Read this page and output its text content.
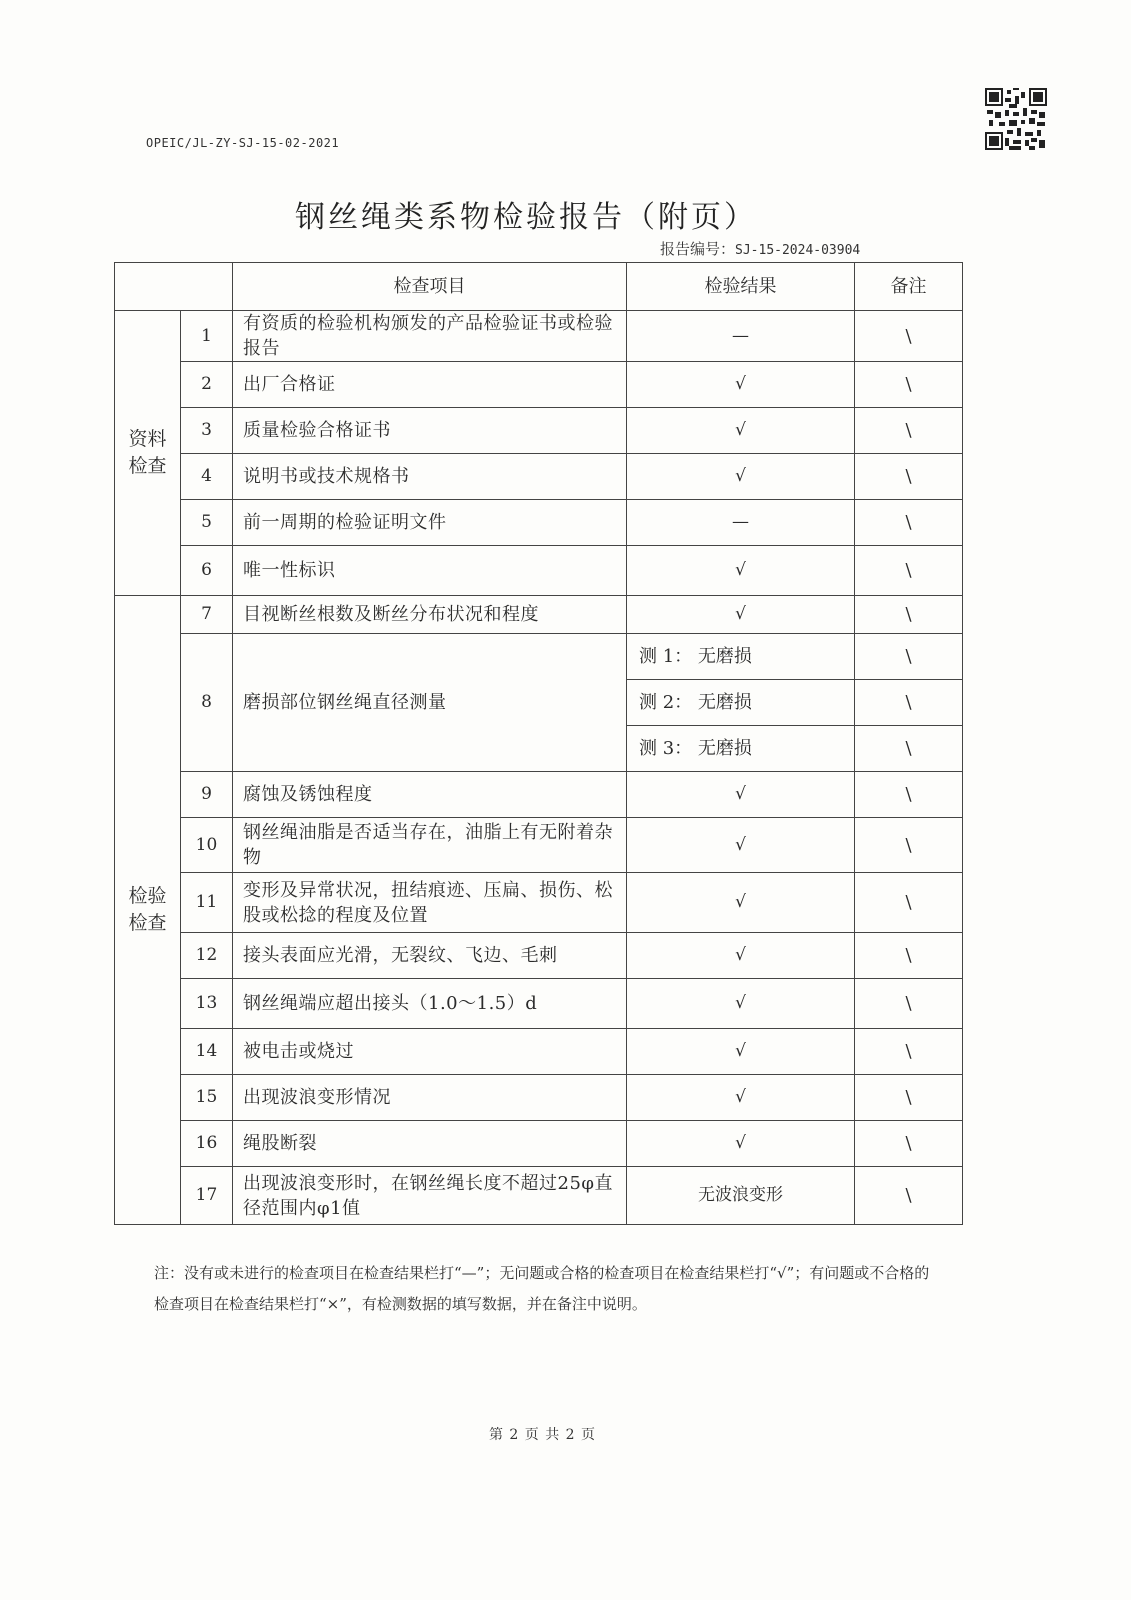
OPEIC/JL-ZY-SJ-15-02-2021
钢丝绳类系物检验报告（附页）
报告编号：SJ-15-2024-03904
		检查项目	检验结果	备注

资料
检查	1	有资质的检验机构颁发的产品检验证书或检验报告	—	\
	2	出厂合格证	√	\
	3	质量检验合格证书	√	\
	4	说明书或技术规格书	√	\
	5	前一周期的检验证明文件	—	\
	6	唯一性标识	√	\

检验
检查	7	目视断丝根数及断丝分布状况和程度	√	\
	8	磨损部位钢丝绳直径测量	测 1： 无磨损	\
			测 2： 无磨损	\
			测 3： 无磨损	\
	9	腐蚀及锈蚀程度	√	\
	10	钢丝绳油脂是否适当存在，油脂上有无附着杂物	√	\
	11	变形及异常状况，扭结痕迹、压扁、损伤、松股或松捻的程度及位置	√	\
	12	接头表面应光滑，无裂纹、飞边、毛刺	√	\
	13	钢丝绳端应超出接头（1.0～1.5）d	√	\
	14	被电击或烧过	√	\
	15	出现波浪变形情况	√	\
	16	绳股断裂	√	\
	17	出现波浪变形时，在钢丝绳长度不超过25φ直径范围内φ1值	无波浪变形	\
注：没有或未进行的检查项目在检查结果栏打“—”；无问题或合格的检查项目在检查结果栏打“√”；有问题或不合格的检查项目在检查结果栏打“×”，有检测数据的填写数据，并在备注中说明。
第 2 页 共 2 页
